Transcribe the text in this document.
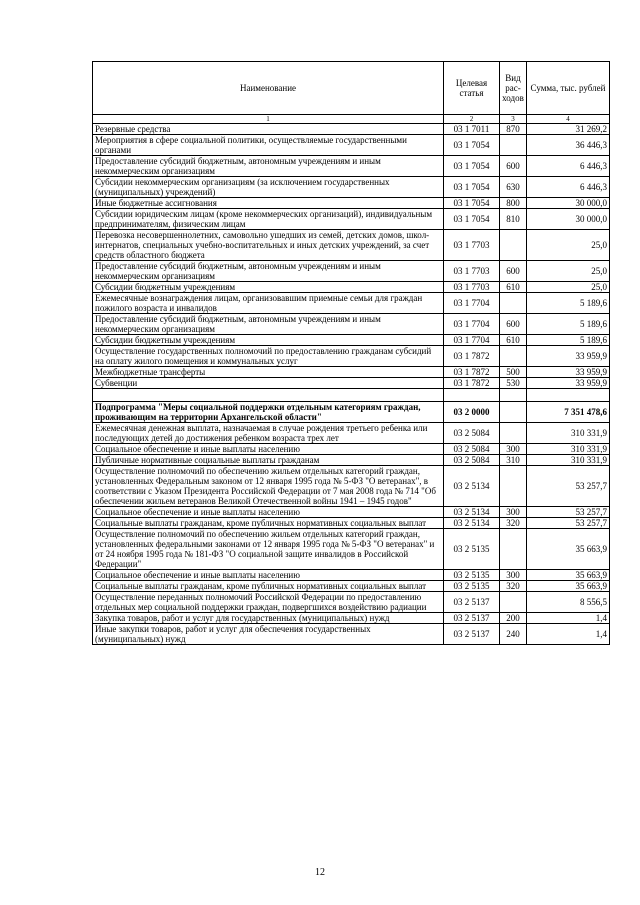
Наименование	Целевая статья	Вид рас-ходов	Сумма, тыс. рублей
1	2	3	4
Резервные средства	03 1 7011	870	31 269,2
Мероприятия в сфере социальной политики, осуществляемые государственными органами	03 1 7054		36 446,3
Предоставление субсидий бюджетным, автономным учреждениям и иным некоммерческим организациям	03 1 7054	600	6 446,3
Субсидии некоммерческим организациям (за исключением государственных (муниципальных) учреждений)	03 1 7054	630	6 446,3
Иные бюджетные ассигнования	03 1 7054	800	30 000,0
Субсидии юридическим лицам (кроме некоммерческих организаций), индивидуальным предпринимателям, физическим лицам	03 1 7054	810	30 000,0
Перевозка несовершеннолетних, самовольно ушедших из семей, детских домов, школ-интернатов, специальных учебно-воспитательных и иных детских учреждений, за счет средств областного бюджета	03 1 7703		25,0
Предоставление субсидий бюджетным, автономным учреждениям и иным некоммерческим организациям	03 1 7703	600	25,0
Субсидии бюджетным учреждениям	03 1 7703	610	25,0
Ежемесячные вознаграждения лицам, организовавшим приемные семьи для граждан пожилого возраста и инвалидов	03 1 7704		5 189,6
Предоставление субсидий бюджетным, автономным учреждениям и иным некоммерческим организациям	03 1 7704	600	5 189,6
Субсидии бюджетным учреждениям	03 1 7704	610	5 189,6
Осуществление государственных полномочий по предоставлению гражданам субсидий на оплату жилого помещения и коммунальных услуг	03 1 7872		33 959,9
Межбюджетные трансферты	03 1 7872	500	33 959,9
Субвенции	03 1 7872	530	33 959,9

Подпрограмма "Меры социальной поддержки отдельным категориям граждан, проживающим на территории Архангельской области"	03 2 0000		7 351 478,6
Ежемесячная денежная выплата, назначаемая в случае рождения третьего ребенка или последующих детей до достижения ребенком возраста трех лет	03 2 5084		310 331,9
Социальное обеспечение и иные выплаты населению	03 2 5084	300	310 331,9
Публичные нормативные социальные выплаты гражданам	03 2 5084	310	310 331,9
Осуществление полномочий по обеспечению жильем отдельных категорий граждан, установленных Федеральным законом от 12 января 1995 года № 5-ФЗ "О ветеранах", в соответствии с Указом Президента Российской Федерации от 7 мая 2008 года № 714 "Об обеспечении жильем ветеранов Великой Отечественной войны 1941 – 1945 годов"	03 2 5134		53 257,7
Социальное обеспечение и иные выплаты населению	03 2 5134	300	53 257,7
Социальные выплаты гражданам, кроме публичных нормативных социальных выплат	03 2 5134	320	53 257,7
Осуществление полномочий по обеспечению жильем отдельных категорий граждан, установленных федеральными законами от 12 января 1995 года № 5-ФЗ "О ветеранах" и от 24 ноября 1995 года № 181-ФЗ "О социальной защите инвалидов в Российской Федерации"	03 2 5135		35 663,9
Социальное обеспечение и иные выплаты населению	03 2 5135	300	35 663,9
Социальные выплаты гражданам, кроме публичных нормативных социальных выплат	03 2 5135	320	35 663,9
Осуществление переданных полномочий Российской Федерации по предоставлению отдельных мер социальной поддержки граждан, подвергшихся воздействию радиации	03 2 5137		8 556,5
Закупка товаров, работ и услуг для государственных (муниципальных) нужд	03 2 5137	200	1,4
Иные закупки товаров, работ и услуг для обеспечения государственных (муниципальных) нужд	03 2 5137	240	1,4
12
